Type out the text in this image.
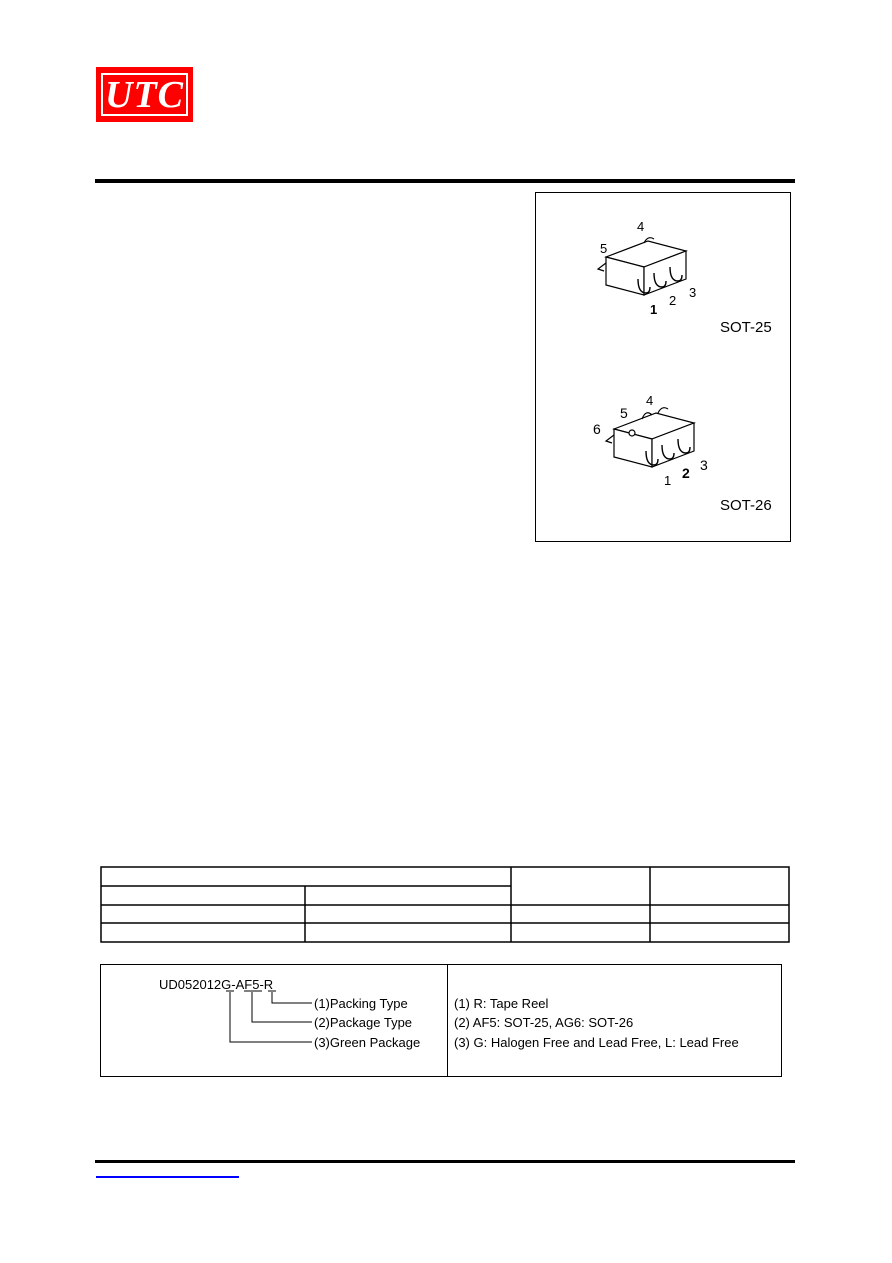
UTC
4
5
1
2
3
SOT-25
4
5
6
1 2 3
SOT-26
UD052012G-AF5-R
(1)Packing Type
(2)Package Type
(3)Green Package
(1) R: Tape Reel
(2) AF5: SOT-25, AG6: SOT-26
(3) G: Halogen Free and Lead Free, L: Lead Free
